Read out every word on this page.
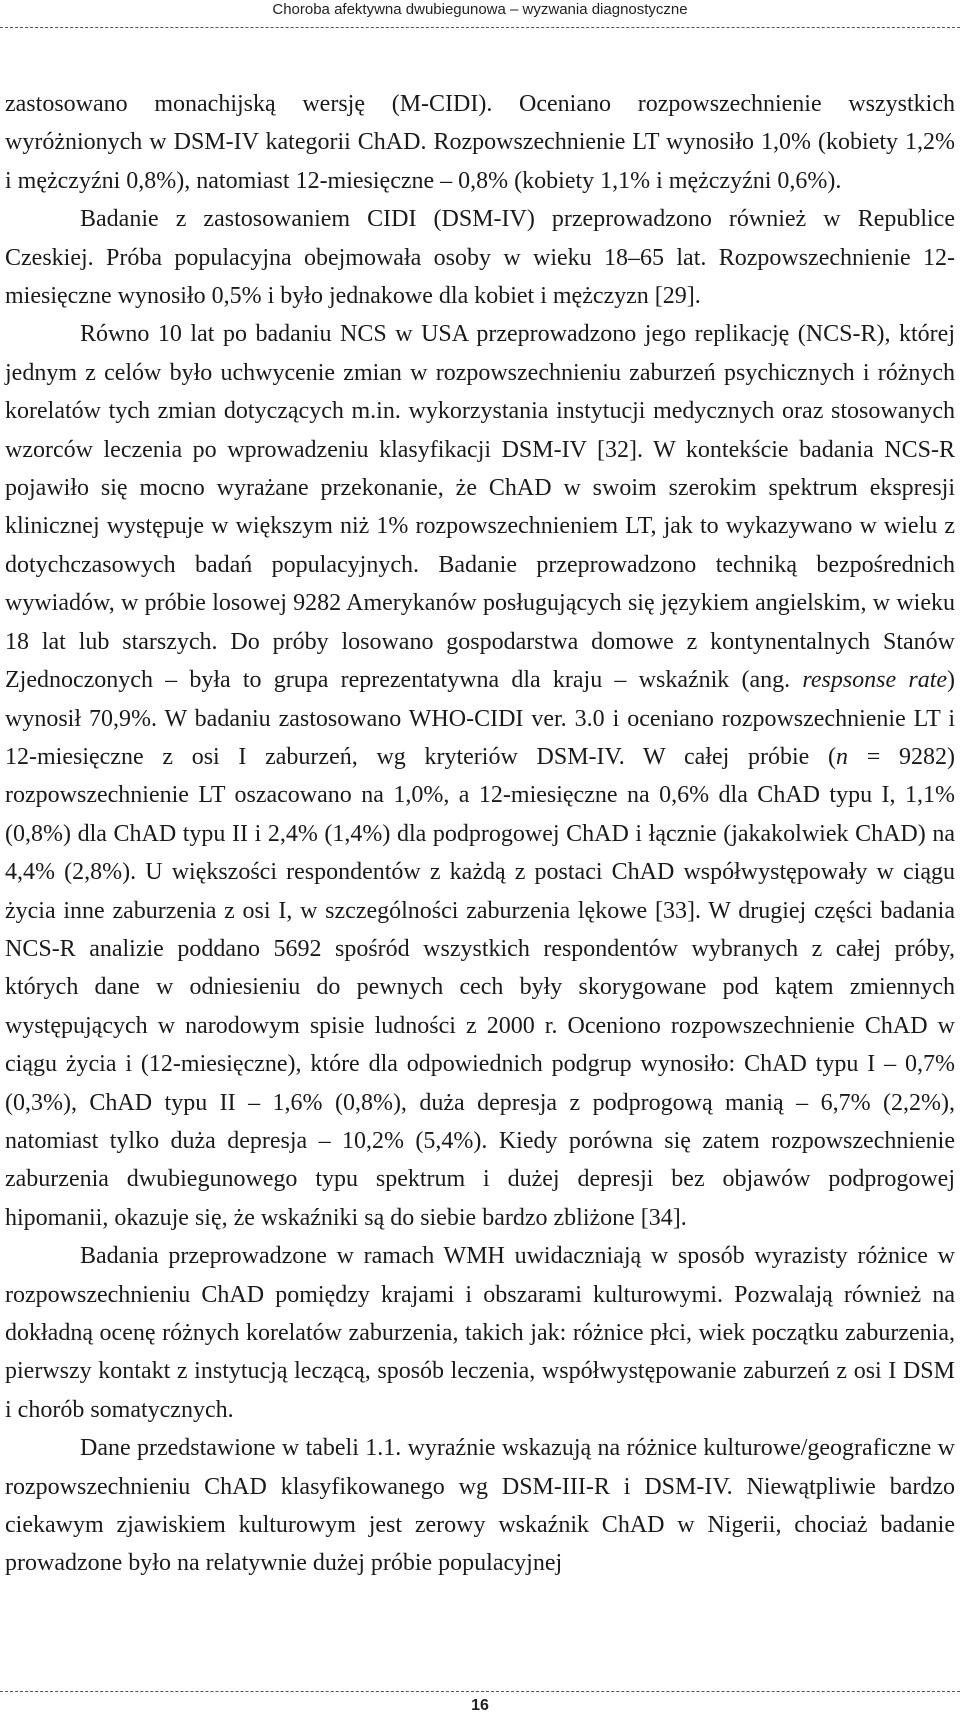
Choroba afektywna dwubiegunowa – wyzwania diagnostyczne

zastosowano monachijską wersję (M-CIDI). Oceniano rozpowszechnienie wszystkich wyróżnionych w DSM-IV kategorii ChAD. Rozpowszechnienie LT wynosiło 1,0% (kobiety 1,2% i mężczyźni 0,8%), natomiast 12-miesięczne – 0,8% (kobiety 1,1% i mężczyźni 0,6%).

Badanie z zastosowaniem CIDI (DSM-IV) przeprowadzono również w Republice Czeskiej. Próba populacyjna obejmowała osoby w wieku 18–65 lat. Rozpowszechnienie 12-miesięczne wynosiło 0,5% i było jednakowe dla kobiet i mężczyzn [29].

Równo 10 lat po badaniu NCS w USA przeprowadzono jego replikację (NCS-R), której jednym z celów było uchwycenie zmian w rozpowszechnieniu zaburzeń psychicznych i różnych korelatów tych zmian dotyczących m.in. wykorzystania instytucji medycznych oraz stosowanych wzorców leczenia po wprowadzeniu klasyfikacji DSM-IV [32]. W kontekście badania NCS-R pojawiło się mocno wyrażane przekonanie, że ChAD w swoim szerokim spektrum ekspresji klinicznej występuje w większym niż 1% rozpowszechnieniem LT, jak to wykazywano w wielu z dotychczasowych badań populacyjnych. Badanie przeprowadzono techniką bezpośrednich wywiadów, w próbie losowej 9282 Amerykanów posługujących się językiem angielskim, w wieku 18 lat lub starszych. Do próby losowano gospodarstwa domowe z kontynentalnych Stanów Zjednoczonych – była to grupa reprezentatywna dla kraju – wskaźnik (ang. respsonse rate) wynosił 70,9%. W badaniu zastosowano WHO-CIDI ver. 3.0 i oceniano rozpowszechnienie LT i 12-miesięczne z osi I zaburzeń, wg kryteriów DSM-IV. W całej próbie (n = 9282) rozpowszechnienie LT oszacowano na 1,0%, a 12-miesięczne na 0,6% dla ChAD typu I, 1,1% (0,8%) dla ChAD typu II i 2,4% (1,4%) dla podprogowej ChAD i łącznie (jakakolwiek ChAD) na 4,4% (2,8%). U większości respondentów z każdą z postaci ChAD współwystępowały w ciągu życia inne zaburzenia z osi I, w szczególności zaburzenia lękowe [33]. W drugiej części badania NCS-R analizie poddano 5692 spośród wszystkich respondentów wybranych z całej próby, których dane w odniesieniu do pewnych cech były skorygowane pod kątem zmiennych występujących w narodowym spisie ludności z 2000 r. Oceniono rozpowszechnienie ChAD w ciągu życia i (12-miesięczne), które dla odpowiednich podgrup wynosiło: ChAD typu I – 0,7% (0,3%), ChAD typu II – 1,6% (0,8%), duża depresja z podprogową manią – 6,7% (2,2%), natomiast tylko duża depresja – 10,2% (5,4%). Kiedy porówna się zatem rozpowszechnienie zaburzenia dwubiegunowego typu spektrum i dużej depresji bez objawów podprogowej hipomanii, okazuje się, że wskaźniki są do siebie bardzo zbliżone [34].

Badania przeprowadzone w ramach WMH uwidaczniają w sposób wyrazisty różnice w rozpowszechnieniu ChAD pomiędzy krajami i obszarami kulturowymi. Pozwalają również na dokładną ocenę różnych korelatów zaburzenia, takich jak: różnice płci, wiek początku zaburzenia, pierwszy kontakt z instytucją leczącą, sposób leczenia, współwystępowanie zaburzeń z osi I DSM i chorób somatycznych.

Dane przedstawione w tabeli 1.1. wyraźnie wskazują na różnice kulturowe/geograficzne w rozpowszechnieniu ChAD klasyfikowanego wg DSM-III-R i DSM-IV. Niewątpliwie bardzo ciekawym zjawiskiem kulturowym jest zerowy wskaźnik ChAD w Nigerii, chociaż badanie prowadzone było na relatywnie dużej próbie populacyjnej

16
